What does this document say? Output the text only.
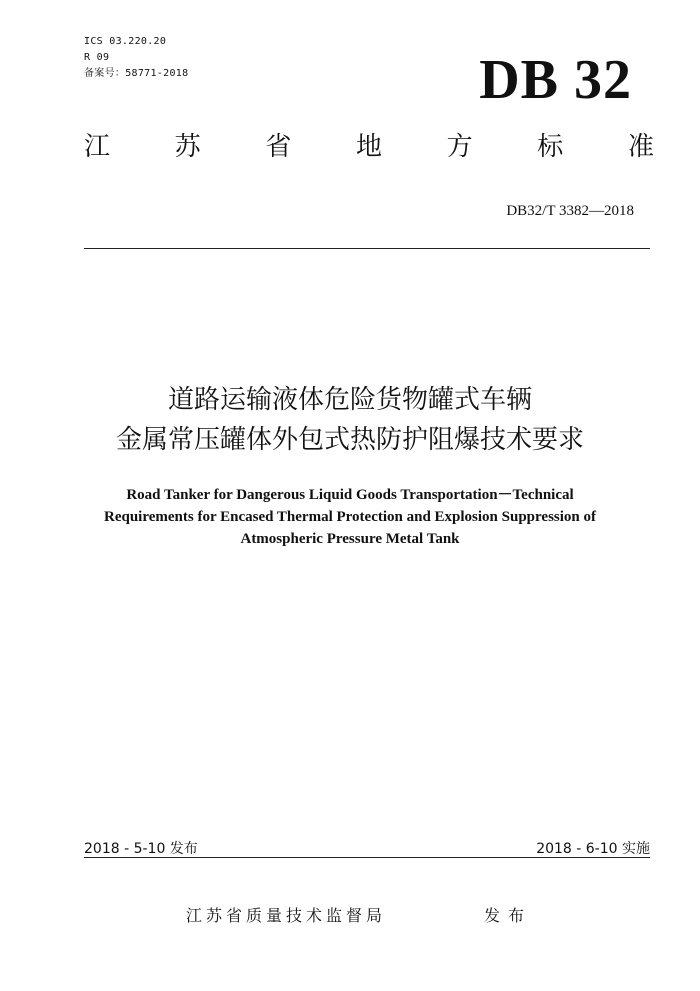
ICS 03.220.20
R 09
备案号：58771-2018	DB 32
江 苏 省 地 方 标 准
DB32/T 3382—2018
道路运输液体危险货物罐式车辆
金属常压罐体外包式热防护阻爆技术要求
Road Tanker for Dangerous Liquid Goods Transportation－Technical
Requirements for Encased Thermal Protection and Explosion Suppression of
Atmospheric Pressure Metal Tank
2018 - 5-10 发布	2018 - 6-10 实施
江苏省质量技术监督局	发布
